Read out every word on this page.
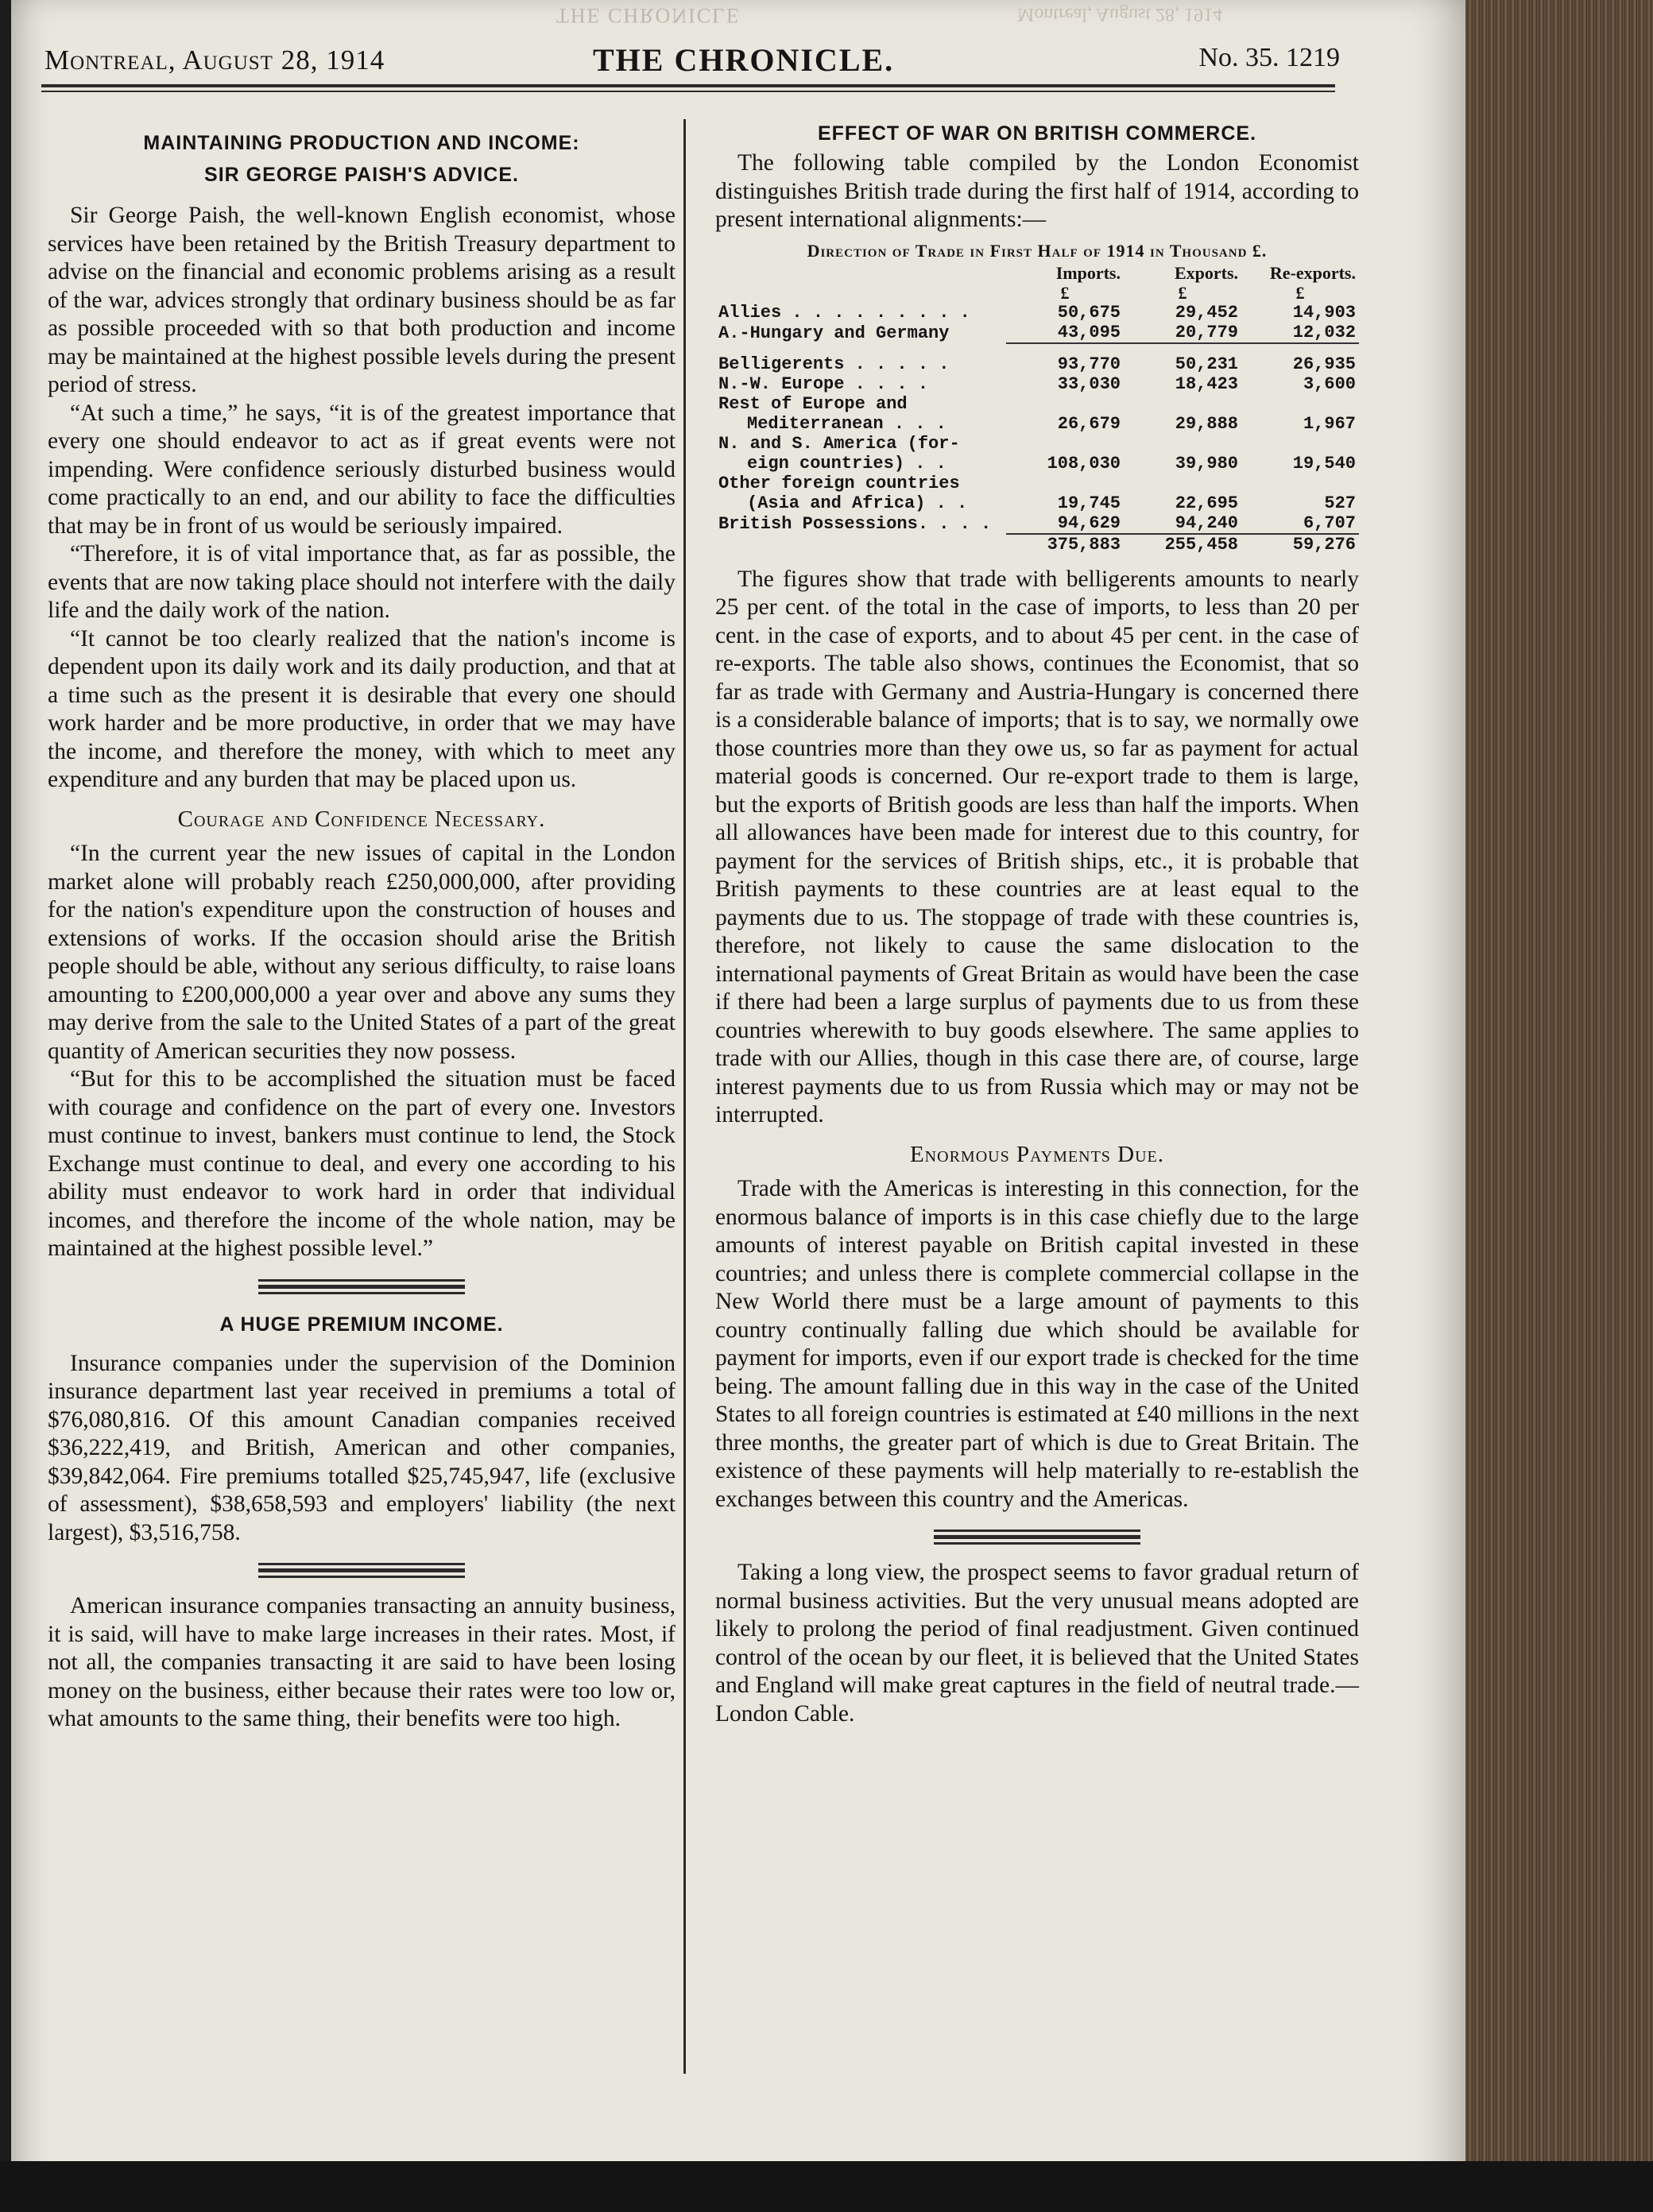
THE CHRONICLE	Montreal, August 28, 1914
Montreal, August 28, 1914	THE CHRONICLE.	No. 35. 1219
MAINTAINING PRODUCTION AND INCOME:
SIR GEORGE PAISH'S ADVICE.

Sir George Paish, the well-known English economist, whose services have been retained by the British Treasury department to advise on the financial and economic problems arising as a result of the war, advices strongly that ordinary business should be as far as possible proceeded with so that both production and income may be maintained at the highest possible levels during the present period of stress.

“At such a time,” he says, “it is of the greatest importance that every one should endeavor to act as if great events were not impending. Were confidence seriously disturbed business would come practically to an end, and our ability to face the difficulties that may be in front of us would be seriously impaired.

“Therefore, it is of vital importance that, as far as possible, the events that are now taking place should not interfere with the daily life and the daily work of the nation.

“It cannot be too clearly realized that the nation's income is dependent upon its daily work and its daily production, and that at a time such as the present it is desirable that every one should work harder and be more productive, in order that we may have the income, and therefore the money, with which to meet any expenditure and any burden that may be placed upon us.

Courage and Confidence Necessary.

“In the current year the new issues of capital in the London market alone will probably reach £250,000,000, after providing for the nation's expenditure upon the construction of houses and extensions of works. If the occasion should arise the British people should be able, without any serious difficulty, to raise loans amounting to £200,000,000 a year over and above any sums they may derive from the sale to the United States of a part of the great quantity of American securities they now possess.

“But for this to be accomplished the situation must be faced with courage and confidence on the part of every one. Investors must continue to invest, bankers must continue to lend, the Stock Exchange must continue to deal, and every one according to his ability must endeavor to work hard in order that individual incomes, and therefore the income of the whole nation, may be maintained at the highest possible level.”

A HUGE PREMIUM INCOME.

Insurance companies under the supervision of the Dominion insurance department last year received in premiums a total of $76,080,816. Of this amount Canadian companies received $36,222,419, and British, American and other companies, $39,842,064. Fire premiums totalled $25,745,947, life (exclusive of assessment), $38,658,593 and employers' liability (the next largest), $3,516,758.

American insurance companies transacting an annuity business, it is said, will have to make large increases in their rates. Most, if not all, the companies transacting it are said to have been losing money on the business, either because their rates were too low or, what amounts to the same thing, their benefits were too high.

EFFECT OF WAR ON BRITISH COMMERCE.

The following table compiled by the London Economist distinguishes British trade during the first half of 1914, according to present international alignments:—

Direction of Trade in First Half of 1914 in Thousand £.
	Imports.	Exports.	Re-exports.
	£	£	£
Allies . . . . . . . . .	50,675	29,452	14,903
A.-Hungary and Germany	43,095	20,779	12,032

Belligerents . . . . .	93,770	50,231	26,935
N.-W. Europe . . . .	33,030	18,423	3,600
Rest of Europe and			
Mediterranean . . .	26,679	29,888	1,967
N. and S. America (for-			
eign countries) . .	108,030	39,980	19,540
Other foreign countries			
(Asia and Africa) . .	19,745	22,695	527
British Possessions. . . .	94,629	94,240	6,707
	375,883	255,458	59,276

The figures show that trade with belligerents amounts to nearly 25 per cent. of the total in the case of imports, to less than 20 per cent. in the case of exports, and to about 45 per cent. in the case of re-exports. The table also shows, continues the Economist, that so far as trade with Germany and Austria-Hungary is concerned there is a considerable balance of imports; that is to say, we normally owe those countries more than they owe us, so far as payment for actual material goods is concerned. Our re-export trade to them is large, but the exports of British goods are less than half the imports. When all allowances have been made for interest due to this country, for payment for the services of British ships, etc., it is probable that British payments to these countries are at least equal to the payments due to us. The stoppage of trade with these countries is, therefore, not likely to cause the same dislocation to the international payments of Great Britain as would have been the case if there had been a large surplus of payments due to us from these countries wherewith to buy goods elsewhere. The same applies to trade with our Allies, though in this case there are, of course, large interest payments due to us from Russia which may or may not be interrupted.

Enormous Payments Due.

Trade with the Americas is interesting in this connection, for the enormous balance of imports is in this case chiefly due to the large amounts of interest payable on British capital invested in these countries; and unless there is complete commercial collapse in the New World there must be a large amount of payments to this country continually falling due which should be available for payment for imports, even if our export trade is checked for the time being. The amount falling due in this way in the case of the United States to all foreign countries is estimated at £40 millions in the next three months, the greater part of which is due to Great Britain. The existence of these payments will help materially to re-establish the exchanges between this country and the Americas.

Taking a long view, the prospect seems to favor gradual return of normal business activities. But the very unusual means adopted are likely to prolong the period of final readjustment. Given continued control of the ocean by our fleet, it is believed that the United States and England will make great captures in the field of neutral trade.—London Cable.
